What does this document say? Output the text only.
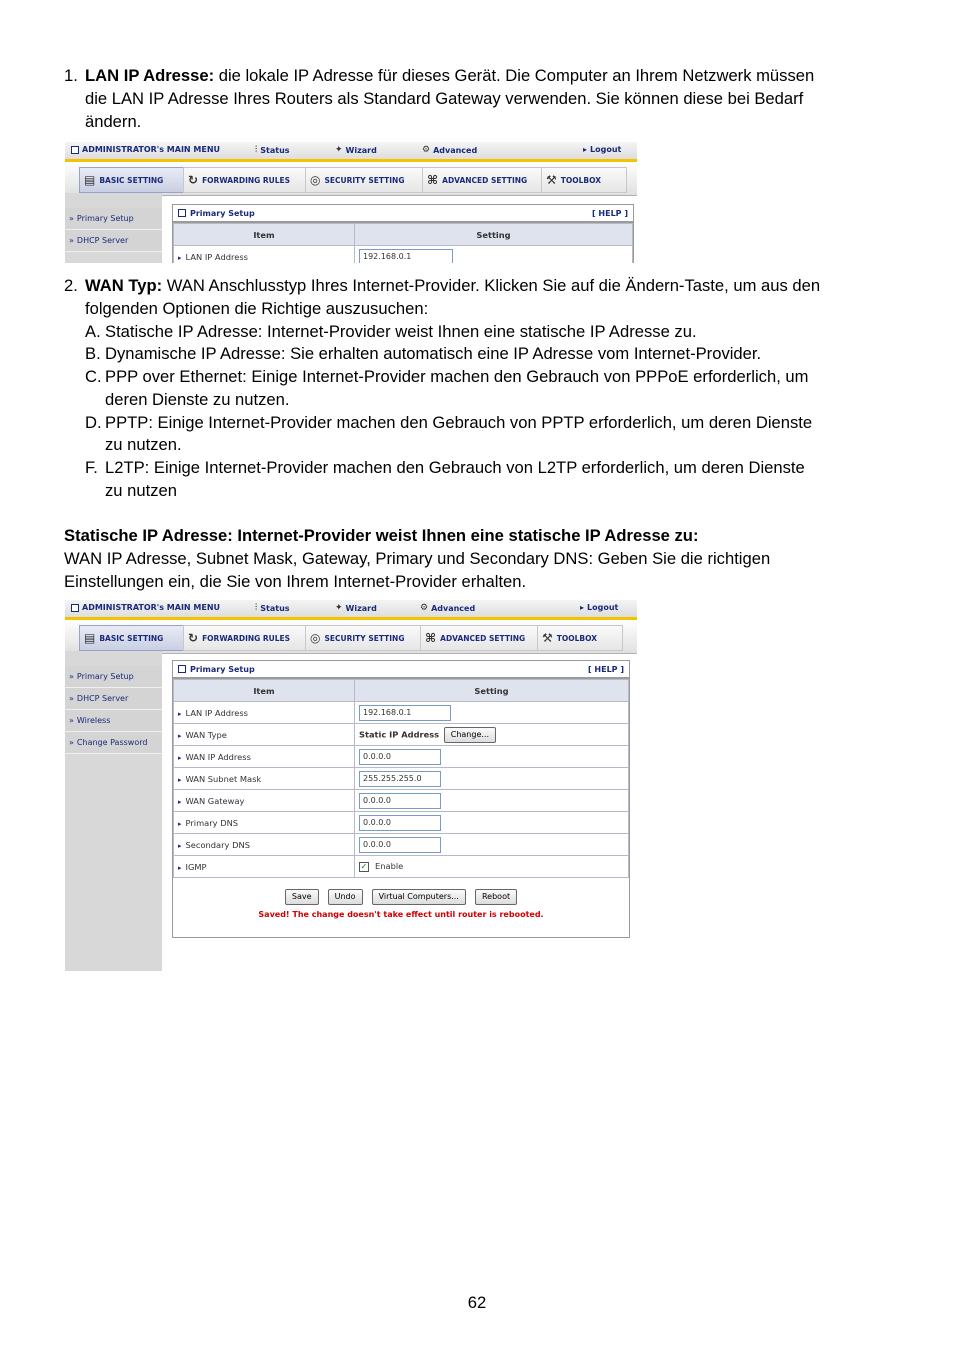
1. LAN IP Adresse: die lokale IP Adresse für dieses Gerät. Die Computer an Ihrem Netzwerk müssen
die LAN IP Adresse Ihres Routers als Standard Gateway verwenden. Sie können diese bei Bedarf
ändern.
ADMINISTRATOR's MAIN MENU	⫶ Status	✦ Wizard	⚙ Advanced	▸ Logout
▤ BASIC SETTING ↻ FORWARDING RULES ◎ SECURITY SETTING ⌘ ADVANCED SETTING ⚒ TOOLBOX
» Primary Setup
» DHCP Server
Primary Setup	[ HELP ]
Item	Setting
▸ LAN IP Address	192.168.0.1
2. WAN Typ: WAN Anschlusstyp Ihres Internet-Provider. Klicken Sie auf die Ändern-Taste, um aus den
folgenden Optionen die Richtige auszusuchen:
A. Statische IP Adresse: Internet-Provider weist Ihnen eine statische IP Adresse zu.
B. Dynamische IP Adresse: Sie erhalten automatisch eine IP Adresse vom Internet-Provider.
C. PPP over Ethernet: Einige Internet-Provider machen den Gebrauch von PPPoE erforderlich, um
deren Dienste zu nutzen.
D. PPTP: Einige Internet-Provider machen den Gebrauch von PPTP erforderlich, um deren Dienste
zu nutzen.
F. L2TP: Einige Internet-Provider machen den Gebrauch von L2TP erforderlich, um deren Dienste
zu nutzen
Statische IP Adresse: Internet-Provider weist Ihnen eine statische IP Adresse zu:
WAN IP Adresse, Subnet Mask, Gateway, Primary und Secondary DNS: Geben Sie die richtigen
Einstellungen ein, die Sie von Ihrem Internet-Provider erhalten.
ADMINISTRATOR's MAIN MENU	⫶ Status	✦ Wizard	⚙ Advanced	▸ Logout
▤ BASIC SETTING ↻ FORWARDING RULES ◎ SECURITY SETTING ⌘ ADVANCED SETTING ⚒ TOOLBOX
» Primary Setup
» DHCP Server
» Wireless
» Change Password
Primary Setup	[ HELP ]
Item	Setting
▸ LAN IP Address	192.168.0.1
▸ WAN Type	Static IP Address Change...
▸ WAN IP Address	0.0.0.0
▸ WAN Subnet Mask	255.255.255.0
▸ WAN Gateway	0.0.0.0
▸ Primary DNS	0.0.0.0
▸ Secondary DNS	0.0.0.0
▸ IGMP	✓ Enable
Save	Undo	Virtual Computers...	Reboot
Saved! The change doesn't take effect until router is rebooted.
62
